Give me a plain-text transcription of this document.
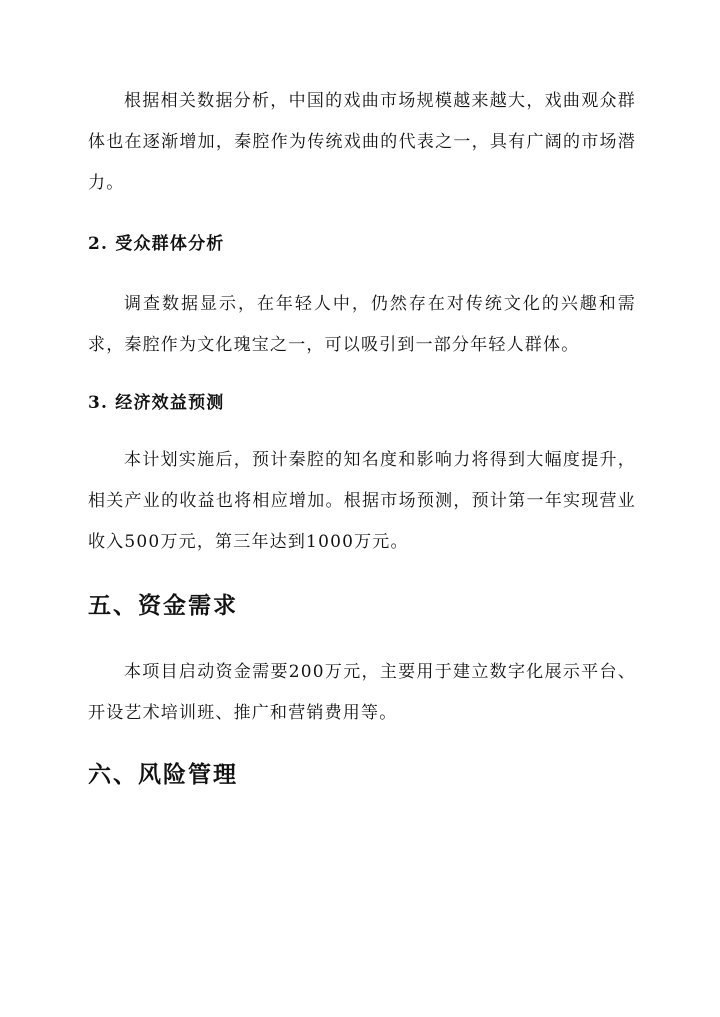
根据相关数据分析，中国的戏曲市场规模越来越大，戏曲观众群体也在逐渐增加，秦腔作为传统戏曲的代表之一，具有广阔的市场潜力。

2. 受众群体分析

调查数据显示，在年轻人中，仍然存在对传统文化的兴趣和需求，秦腔作为文化瑰宝之一，可以吸引到一部分年轻人群体。

3. 经济效益预测

本计划实施后，预计秦腔的知名度和影响力将得到大幅度提升，相关产业的收益也将相应增加。根据市场预测，预计第一年实现营业收入500万元，第三年达到1000万元。

五、资金需求

本项目启动资金需要200万元，主要用于建立数字化展示平台、开设艺术培训班、推广和营销费用等。

六、风险管理
